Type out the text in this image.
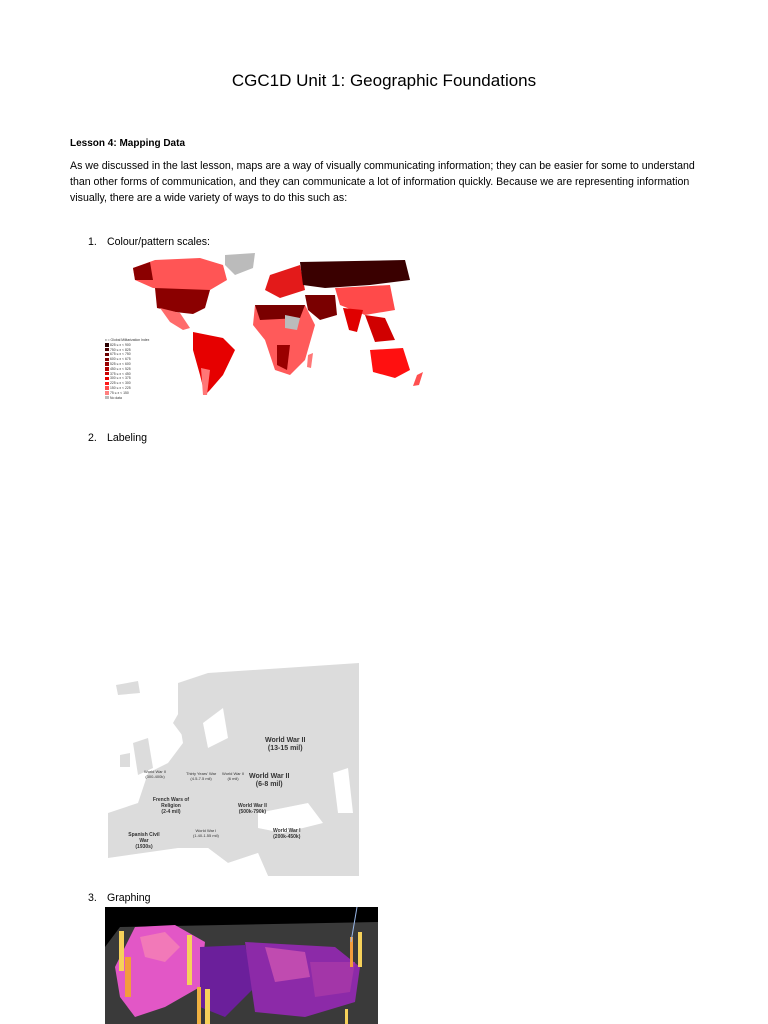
CGC1D Unit 1: Geographic Foundations
Lesson 4: Mapping Data
As we discussed in the last lesson, maps are a way of visually communicating information; they can be easier for some to understand than other forms of communication, and they can communicate a lot of information quickly. Because we are representing information visually, there are a wide variety of ways to do this such as:
1. Colour/pattern scales:
x = Global Militarization Index
825 ≤ x < 900
750 ≤ x < 825
675 ≤ x < 750
600 ≤ x < 675
525 ≤ x < 600
450 ≤ x < 525
375 ≤ x < 450
300 ≤ x < 375
225 ≤ x < 300
150 ≤ x < 225
75 ≤ x < 150
No data
2. Labeling
World War II
(13-15 mil)
World War II
(6-8 mil)
French Wars of Religion
(2-4 mil)
Spanish Civil War
(1930s)
World War I
(200k-450k)
World War II
(500k-790k)
World War I
(1.40-1.55 mil)
World War II
(300-400k)
Thirty Years' War
(4.5-7.5 mil)
World War II
(6 mil)
3. Graphing
